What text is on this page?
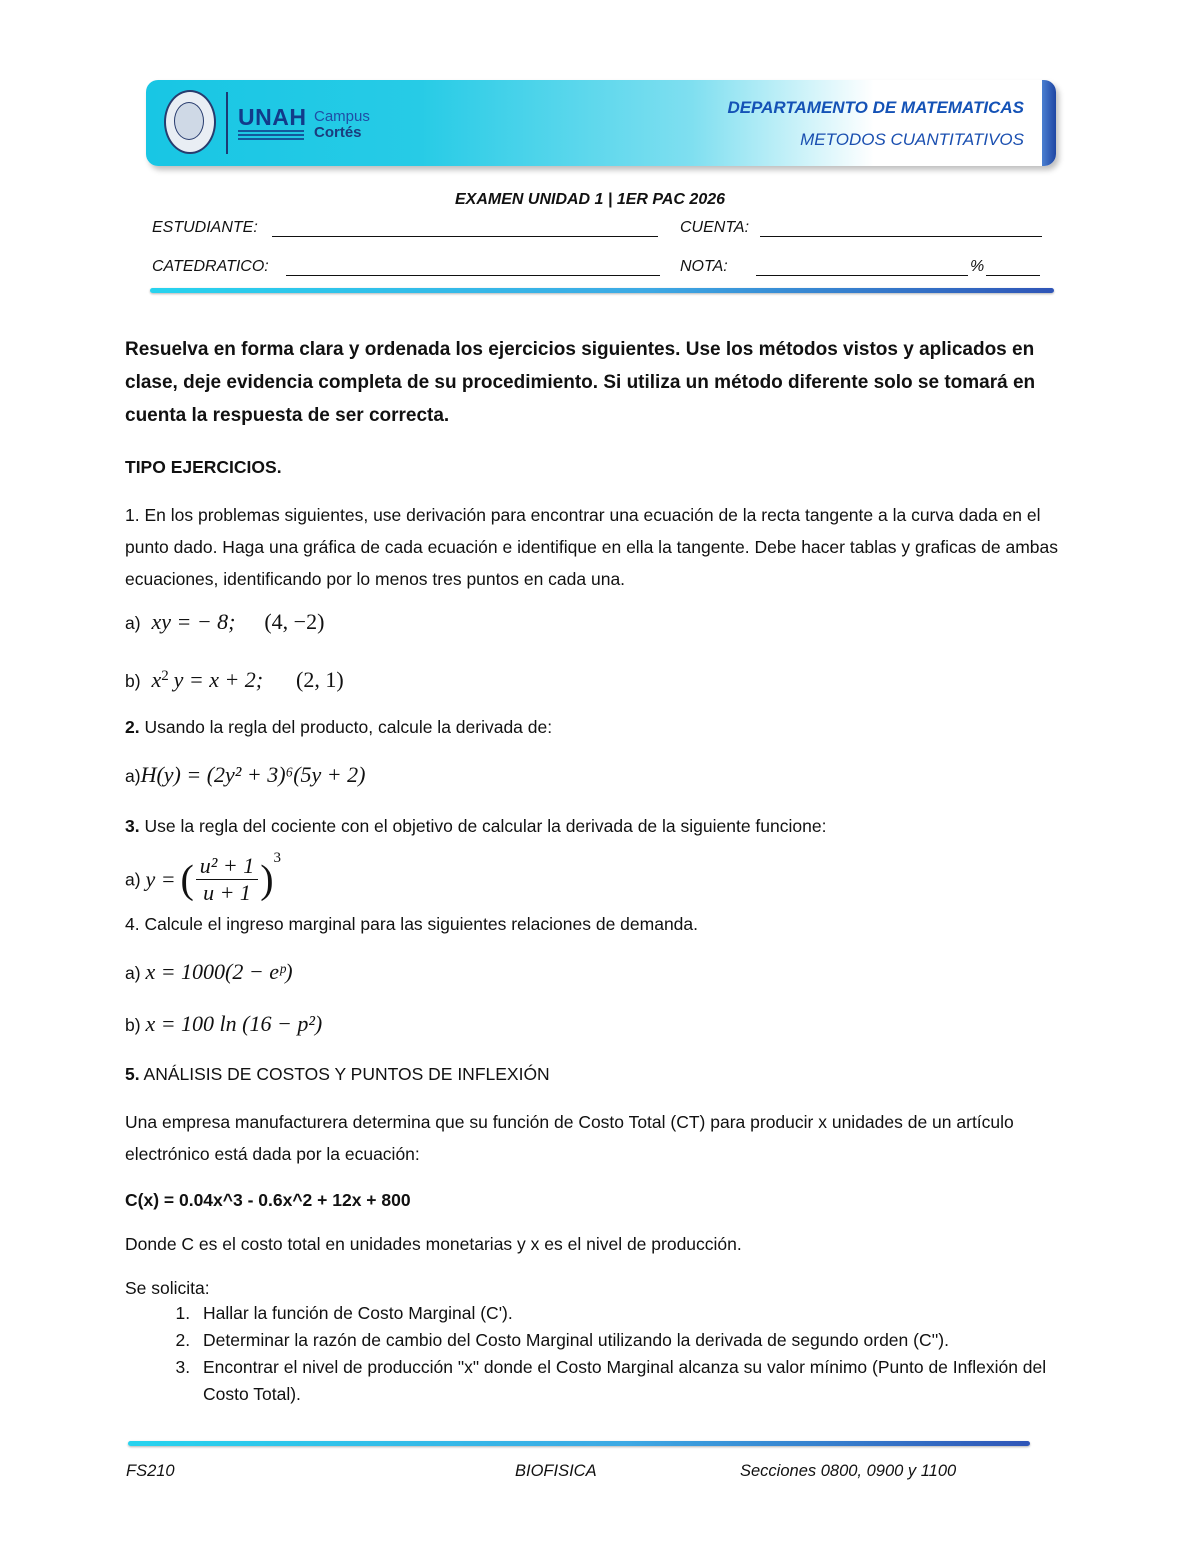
UNAH Campus
Cortés
DEPARTAMENTO DE MATEMATICAS
METODOS CUANTITATIVOS
EXAMEN UNIDAD 1 | 1ER PAC 2026
ESTUDIANTE:	CUENTA:
CATEDRATICO:	NOTA:	%
Resuelva en forma clara y ordenada los ejercicios siguientes. Use los métodos vistos y aplicados en clase, deje evidencia completa de su procedimiento. Si utiliza un método diferente solo se tomará en cuenta la respuesta de ser correcta.
TIPO EJERCICIOS.
1. En los problemas siguientes, use derivación para encontrar una ecuación de la recta tangente a la curva dada en el punto dado. Haga una gráfica de cada ecuación e identifique en ella la tangente. Debe hacer tablas y graficas de ambas ecuaciones, identificando por lo menos tres puntos en cada una.
a) xy = − 8; (4, −2)
b) $x^2$ y = x + 2; (2, 1)
2. Usando la regla del producto, calcule la derivada de:
a)H(y) = (2y² + 3)⁶(5y + 2)
3. Use la regla del cociente con el objetivo de calcular la derivada de la siguiente funcione:
a) y = ( $\frac{\text{u² + 1}}{u + 1} )^3$
4. Calcule el ingreso marginal para las siguientes relaciones de demanda.
a) x = 1000(2 − eᵖ)
b) x = 100 ln (16 − p²)
5. ANÁLISIS DE COSTOS Y PUNTOS DE INFLEXIÓN
Una empresa manufacturera determina que su función de Costo Total (CT) para producir x unidades de un artículo electrónico está dada por la ecuación:
C(x) = 0.04x^3 - 0.6x^2 + 12x + 800
Donde C es el costo total en unidades monetarias y x es el nivel de producción.
Se solicita:
1. Hallar la función de Costo Marginal (C').
2. Determinar la razón de cambio del Costo Marginal utilizando la derivada de segundo orden (C'').
3. Encontrar el nivel de producción "x" donde el Costo Marginal alcanza su valor mínimo (Punto de Inflexión del Costo Total).
FS210	BIOFISICA	Secciones 0800, 0900 y 1100
